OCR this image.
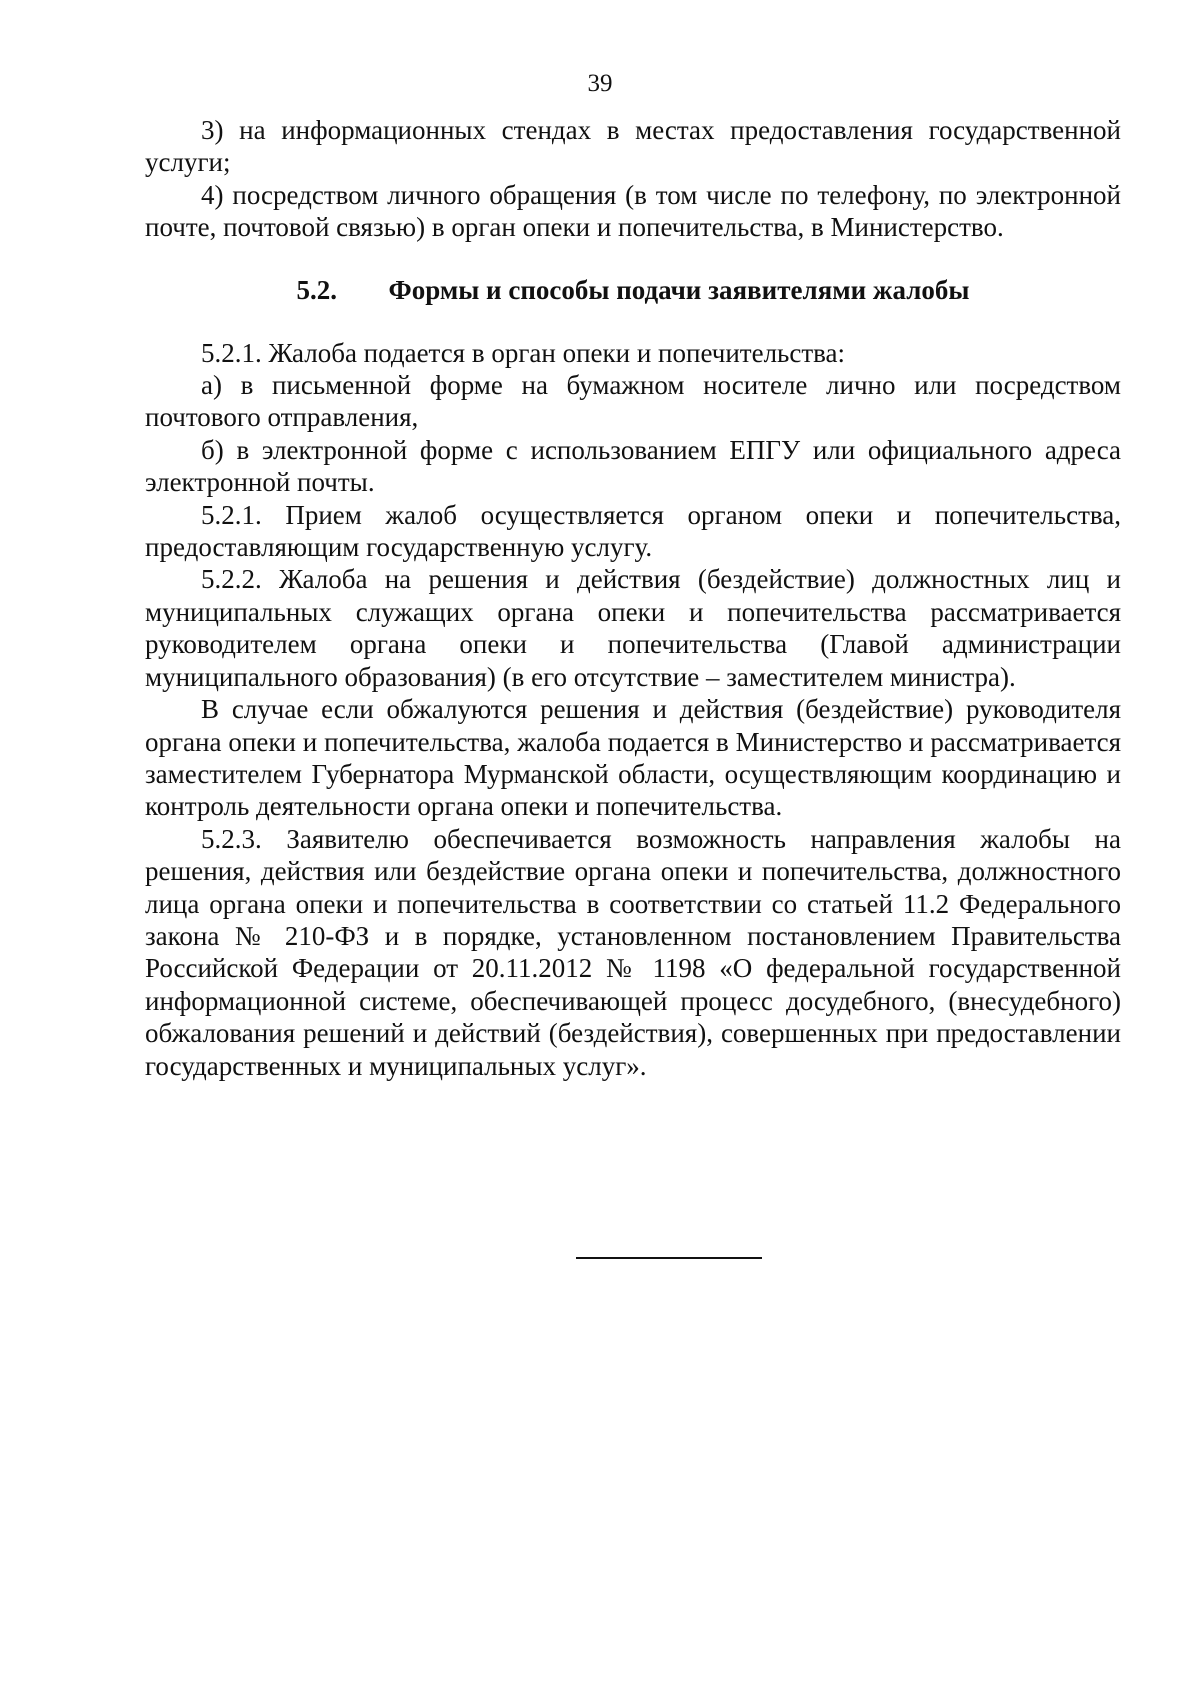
39

3) на информационных стендах в местах предоставления государственной услуги;

4) посредством личного обращения (в том числе по телефону, по электронной почте, почтовой связью) в орган опеки и попечительства, в Министерство.

5.2. Формы и способы подачи заявителями жалобы

5.2.1. Жалоба подается в орган опеки и попечительства:

а) в письменной форме на бумажном носителе лично или посредством почтового отправления,

б) в электронной форме с использованием ЕПГУ или официального адреса электронной почты.

5.2.1. Прием жалоб осуществляется органом опеки и попечительства, предоставляющим государственную услугу.

5.2.2. Жалоба на решения и действия (бездействие) должностных лиц и муниципальных служащих органа опеки и попечительства рассматривается руководителем органа опеки и попечительства (Главой администрации муниципального образования) (в его отсутствие – заместителем министра).

В случае если обжалуются решения и действия (бездействие) руководителя органа опеки и попечительства, жалоба подается в Министерство и рассматривается заместителем Губернатора Мурманской области, осуществляющим координацию и контроль деятельности органа опеки и попечительства.

5.2.3. Заявителю обеспечивается возможность направления жалобы на решения, действия или бездействие органа опеки и попечительства, должностного лица органа опеки и попечительства в соответствии со статьей 11.2 Федерального закона № 210-ФЗ и в порядке, установленном постановлением Правительства Российской Федерации от 20.11.2012 № 1198 «О федеральной государственной информационной системе, обеспечивающей процесс досудебного, (внесудебного) обжалования решений и действий (бездействия), совершенных при предоставлении государственных и муниципальных услуг».
